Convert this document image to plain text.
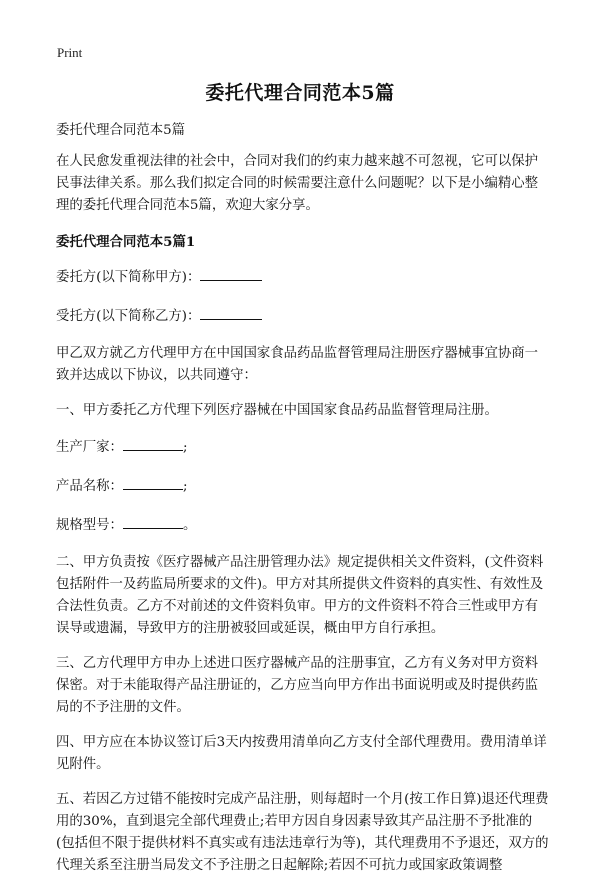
Print
委托代理合同范本5篇

委托代理合同范本5篇

在人民愈发重视法律的社会中，合同对我们的约束力越来越不可忽视，它可以保护民事法律关系。那么我们拟定合同的时候需要注意什么问题呢？以下是小编精心整理的委托代理合同范本5篇，欢迎大家分享。

委托代理合同范本5篇1

委托方(以下简称甲方)：

受托方(以下简称乙方)：

甲乙双方就乙方代理甲方在中国国家食品药品监督管理局注册医疗器械事宜协商一致并达成以下协议，以共同遵守：

一、甲方委托乙方代理下列医疗器械在中国国家食品药品监督管理局注册。

生产厂家：	;

产品名称：	;

规格型号：	。

二、甲方负责按《医疗器械产品注册管理办法》规定提供相关文件资料，(文件资料包括附件一及药监局所要求的文件)。甲方对其所提供文件资料的真实性、有效性及合法性负责。乙方不对前述的文件资料负审。甲方的文件资料不符合三性或甲方有误导或遗漏，导致甲方的注册被驳回或延误，概由甲方自行承担。

三、乙方代理甲方申办上述进口医疗器械产品的注册事宜，乙方有义务对甲方资料保密。对于未能取得产品注册证的，乙方应当向甲方作出书面说明或及时提供药监局的不予注册的文件。

四、甲方应在本协议签订后3天内按费用清单向乙方支付全部代理费用。费用清单详见附件。

五、若因乙方过错不能按时完成产品注册，则每超时一个月(按工作日算)退还代理费用的30%，直到退完全部代理费止;若甲方因自身因素导致其产品注册不予批准的(包括但不限于提供材料不真实或有违法违章行为等)，其代理费用不予退还，双方的代理关系至注册当局发文不予注册之日起解除;若因不可抗力或国家政策调整
